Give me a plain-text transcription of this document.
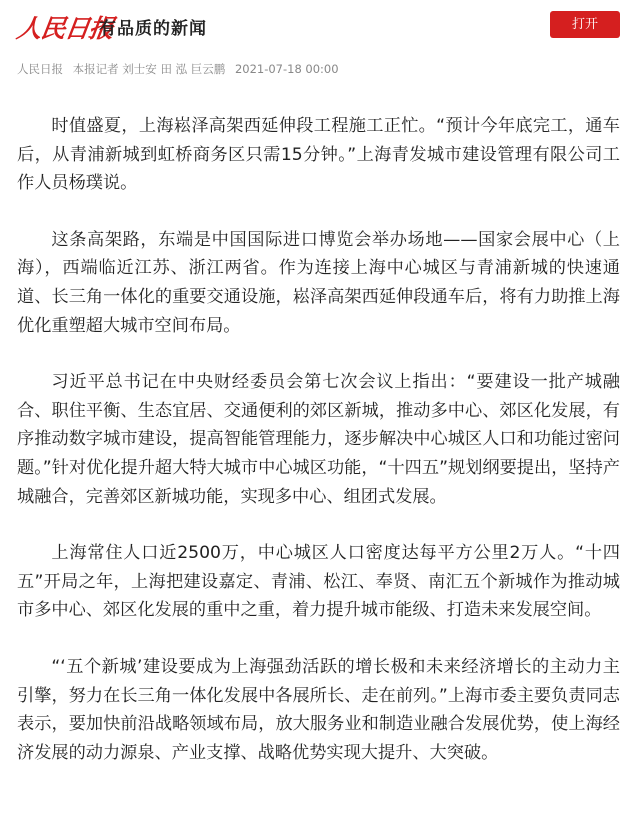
人民日报
有品质的新闻	打开
人民日报 本报记者 刘士安 田 泓 巨云鹏 2021-07-18 00:00

时值盛夏，上海崧泽高架西延伸段工程施工正忙。“预计今年底完工，通车后，从青浦新城到虹桥商务区只需15分钟。”上海青发城市建设管理有限公司工作人员杨璞说。

这条高架路，东端是中国国际进口博览会举办场地——国家会展中心（上海），西端临近江苏、浙江两省。作为连接上海中心城区与青浦新城的快速通道、长三角一体化的重要交通设施，崧泽高架西延伸段通车后，将有力助推上海优化重塑超大城市空间布局。

习近平总书记在中央财经委员会第七次会议上指出：“要建设一批产城融合、职住平衡、生态宜居、交通便利的郊区新城，推动多中心、郊区化发展，有序推动数字城市建设，提高智能管理能力，逐步解决中心城区人口和功能过密问题。”针对优化提升超大特大城市中心城区功能，“十四五”规划纲要提出，坚持产城融合，完善郊区新城功能，实现多中心、组团式发展。

上海常住人口近2500万，中心城区人口密度达每平方公里2万人。“十四五”开局之年，上海把建设嘉定、青浦、松江、奉贤、南汇五个新城作为推动城市多中心、郊区化发展的重中之重，着力提升城市能级、打造未来发展空间。

“‘五个新城’建设要成为上海强劲活跃的增长极和未来经济增长的主动力主引擎，努力在长三角一体化发展中各展所长、走在前列。”上海市委主要负责同志表示，要加快前沿战略领域布局，放大服务业和制造业融合发展优势，使上海经济发展的动力源泉、产业支撑、战略优势实现大提升、大突破。
